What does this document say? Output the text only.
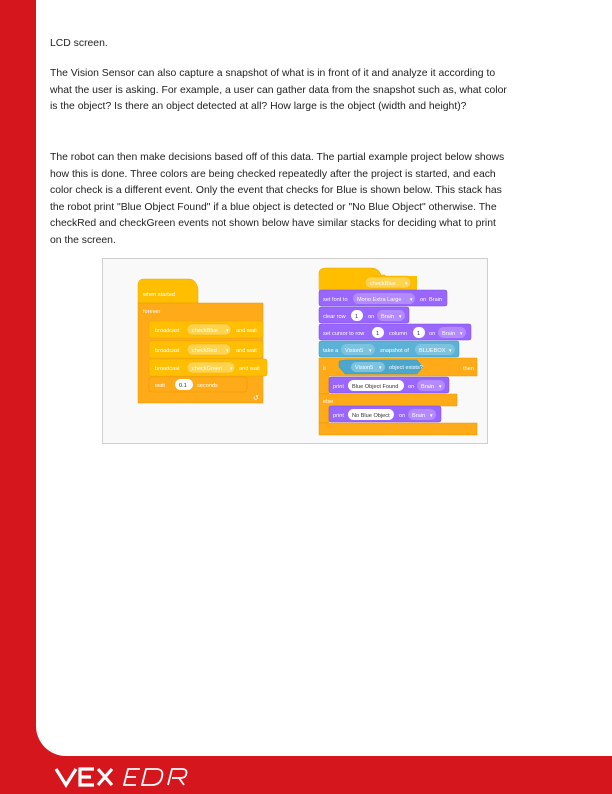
LCD screen.
The Vision Sensor can also capture a snapshot of what is in front of it and analyze it according to what the user is asking. For example, a user can gather data from the snapshot such as, what color is the object? Is there an object detected at all? How large is the object (width and height)?
The robot can then make decisions based off of this data. The partial example project below shows how this is done. Three colors are being checked repeatedly after the project is started, and each color check is a different event. Only the event that checks for Blue is shown below. This stack has the robot print "Blue Object Found" if a blue object is detected or "No Blue Object" otherwise. The checkRed and checkGreen events not shown below have similar stacks for deciding what to print on the screen.
when started
forever
broadcast checkBlue ▼ and wait
broadcast checkRed ▼ and wait
broadcast checkGreen ▼ and wait
wait	0.1 seconds
↺
checkBlue ▼
set font to Mono Extra Large ▼ on Brain
clear row 1 on Brain ▼
set cursor to row 1 column 1 on Brain ▼
take a Vision5 ▼ snapshot of BLUEBOX ▼
if	Vision5 ▼ object exists?	then
print Blue Object Found on Brain ▼
else
print No Blue Object on Brain ▼
